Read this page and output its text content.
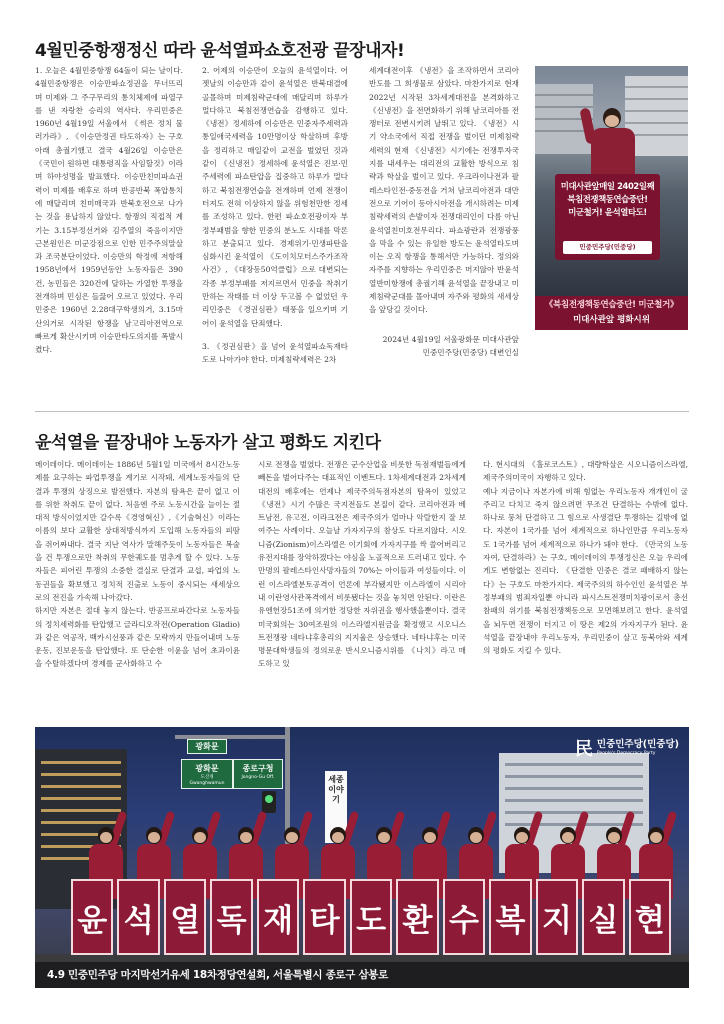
4월민중항쟁정신 따라 윤석열파쇼호전광 끝장내자!

1. 오늘은 4월민중항쟁 64돌이 되는 날이다. 4월민중항쟁은 이승만파쇼정권을 무너뜨리며 미제와 그 주구무리의 통치체제에 파열구를 낸 자랑찬 승리의 역사다. 우리민중은 1960년 4월19일 서울에서 《썩은 정치 물러가라》, 《이승만정권 타도하자》는 구호 아래 총궐기했고 결국 4월26일 이승만은 《국민이 원하면 대통령직을 사임할것》이라며 하야성명을 발표했다. 이승만친미파쇼권력이 미제를 배후로 하며 반공반북 폭압통치에 매달리며 친미매국과 반북호전으로 나가는 것을 용납하지 않았다. 항쟁의 직접적 계기는 3.15부정선거와 김주열의 죽음이지만 근본원인은 미군강점으로 인한 민주주의말살과 조국분단이었다. 이승만의 학정에 저항해 1958년에서 1959년동안 노동자들은 390건, 농민들은 320건에 달하는 가열한 투쟁을 전개하며 민심은 들끓어 오르고 있었다. 우리민중은 1960년 2.28대구학생의거, 3.15마산의거로 시작된 항쟁을 남고리아전역으로 빠르게 확산시키며 이승만타도의지를 폭발시켰다.

2. 어제의 이승만이 오늘의 윤석열이다. 어젯날의 이승만과 같이 윤석열은 반북대결에 골몰하며 미제침략군대에 매달리며 하루가 멀다하고 북침전쟁연습을 감행하고 있다. 《냉전》정세하에 이승만은 민중자주세력과 통일애국세력을 10만명이상 학살하며 후방을 정리하고 매일같이 교전을 벌였던 것과 같이 《신냉전》정세하에 윤석열은 진보·민주세력에 파쇼탄압을 집중하고 하루가 멀다하고 북침전쟁연습을 전개하며 언제 전쟁이 터져도 전혀 이상하지 않을 위험천만한 정세를 조성하고 있다. 한편 파쇼호전광이자 부정부패범을 향한 민중의 분노도 시대를 막론하고 분출되고 있다. 경제위기·민생파탄을 심화시킨 윤석열이 《도이치모터스주가조작사건》, 《대장동50억클럽》으로 대변되는 각종 부정부패를 저지르면서 민중을 착취기만하는 작태를 더 이상 두고볼 수 없었던 우리민중은 《경권심판》태풍을 일으키며 기어이 윤석열을 단죄했다.

3. 《정권심판》을 넘어 윤석열파쇼독재타도로 나아가야 한다. 미제침략세력은 2차

세계대전이후 《냉전》을 조작하면서 코리아반도를 그 희생물로 삼았다. 마찬가지로 현재 2022년 시작된 3차세계대전을 본격화하고 《신냉전》을 전면화하기 위해 남코리아를 전쟁터로 전변시키려 날뛰고 있다. 《냉전》시기 약소국에서 직접 전쟁을 벌이던 미제침략세력의 현재 《신냉전》시기에는 전쟁투자국지를 내세우는 대리전의 교활한 방식으로 침략과 학살을 벌이고 있다. 우크라이나전과 팔레스타인전·중동전을 거쳐 남코리아전과 대만전으로 기어이 동아시아전을 개시하려는 미제침략세력의 손발이자 전쟁대리인이 다름 아닌 윤석열친미호전무리다. 파쇼광란과 전쟁광풍을 막을 수 있는 유일한 방도는 윤석열타도며 이는 오직 항쟁을 통해서만 가능하다. 정의와 자주를 지향하는 우리민중은 머지않아 반윤석열반미항쟁에 총궐기해 윤석열을 끝장내고 미제침략군대를 몰아내며 자주와 평화의 새세상을 앞당길 것이다.

2024년 4월19일 서울광화문 미대사관앞
민중민주당(민중당) 대변인실
미대사관앞매일 2402일째
북침전쟁책동연습중단!
미군철거! 윤석열타도!
민중민주당(민중당)
《북침전쟁책동연습중단! 미군철거》
미대사관앞 평화시위
윤석열을 끝장내야 노동자가 살고 평화도 지킨다

메이데이다. 메이데이는 1886년 5월1일 미국에서 8시간노동제를 요구하는 파업투쟁을 계기로 시작돼, 세계노동자들의 단결과 투쟁의 상징으로 발전했다. 자본의 탐욕은 끝이 없고 이를 위한 착취도 끝이 없다. 처음엔 주로 노동시간을 늘이는 절대적 방식이었지만 갈수록《경영혁신》,《기술혁신》이라는 이름의 보다 교활한 상대적방식까지 도입해 노동자들의 피땀을 쥐어짜내다. 결국 지난 역사가 말해주듯이 노동자들은 복술을 건 투쟁으로만 착취의 무한궤도를 멈추게 할 수 있다. 노동자들은 피어린 투쟁의 소중한 결실로 단결과 교섭, 파업의 노동권들을 확보했고 정치적 진출로 노동이 중시되는 새세상으로의 전진을 가속해 나아갔다.

하지만 자본은 절대 놓지 않는다. 반공프로파간다로 노동자들의 정치세력화를 탄압했고 글라디오작전(Operation Gladio)과 같은 역공작, 백카시선풍과 같은 모략까지 만들어내며 노동운동, 진보운동을 탄압했다. 또 단순한 이윤을 넘어 초과이윤을 수탈하겠다며 경제를 군사화하고 수

시로 전쟁을 벌였다. 전쟁은 군수산업을 비롯한 독점재벌들에게 빼돈을 벌어다주는 대표적인 이벤트다. 1차세계대전과 2차세계대전의 배후에는 언제나 제국주의독점자본의 탐욕이 있었고 《냉전》시기 수많은 국지전들도 본질이 같다. 코리아전과 베트남전, 유고전, 이라크전은 제국주의가 얼마나 악랄한지 잘 보여주는 사례이다. 오늘날 가자지구의 참상도 다르지않다. 시오니즘(Zionism)이스라엘은 이기회에 가자지구를 싹 쓸어버리고 유전지대를 장악하겠다는 야심을 노골적으로 드러내고 있다. 수만명의 팔레스타인사망자들의 70%는 아이들과 여성들이다. 이런 이스라엘분토공격이 언론에 부각됐지만 이스라엘이 시리아 내 이란영사관폭격에서 비롯됐다는 것을 놓치면 안된다. 이란은 유엔헌장51조에 의거한 정당한 자위권을 행사했을뿐이다. 결국 미국회의는 30여조원의 이스라엘지원금을 확정했고 시오니스트전쟁광 네타냐후총리의 지지율은 상승했다. 네타냐후는 미국명문대학생들의 정의로운 반시오니즘시위를 《나치》라고 매도하고 있

다. 현시대의 《홀로코스트》, 대량학살은 시오니즘이스라엘, 제국주의미국이 자행하고 있다.

예나 지금이나 자본가에 비해 힘없는 우리노동자 개개인이 굴주리고 다치고 죽지 않으려면 무조건 단결하는 수밖에 없다. 하나로 뭉쳐 단결하고 그 힘으로 사생결단 투쟁하는 길밖에 없다. 자본이 1국가를 넘어 세계적으로 하나인만큼 우리노동자도 1국가를 넘어 세계적으로 하나가 돼야 한다. 《만국의 노동자여, 단결하라》는 구호, 메이데이의 투쟁정신은 오늘 우리에게도 변함없는 진리다. 《단결한 민중은 결코 패배하지 않는다》는 구호도 마찬가지다. 제국주의의 하수인인 윤석열은 부정부패의 범죄자일뿐 아니라 파시스트전쟁미치광이로서 총선참패의 위기를 북침전쟁책동으로 모면해보려고 한다. 윤석열을 뇌두면 전쟁이 터지고 이 땅은 제2의 가자지구가 된다. 윤석열을 끝장내야 우리노동자, 우리민중이 살고 동북아와 세계의 평화도 지킬 수 있다.

광화문
광화문
도산개
Gwanghwamun
종로구청
Jongno-Gu Off.	세종이야기
民 민중민주당(민중당)
People's Democracy Party
윤 석 열 독 재 타 도 환 수 복 지 실 현
4.9 민중민주당 마지막선거유세 18차정당연설회, 서울특별시 종로구 삼봉로
